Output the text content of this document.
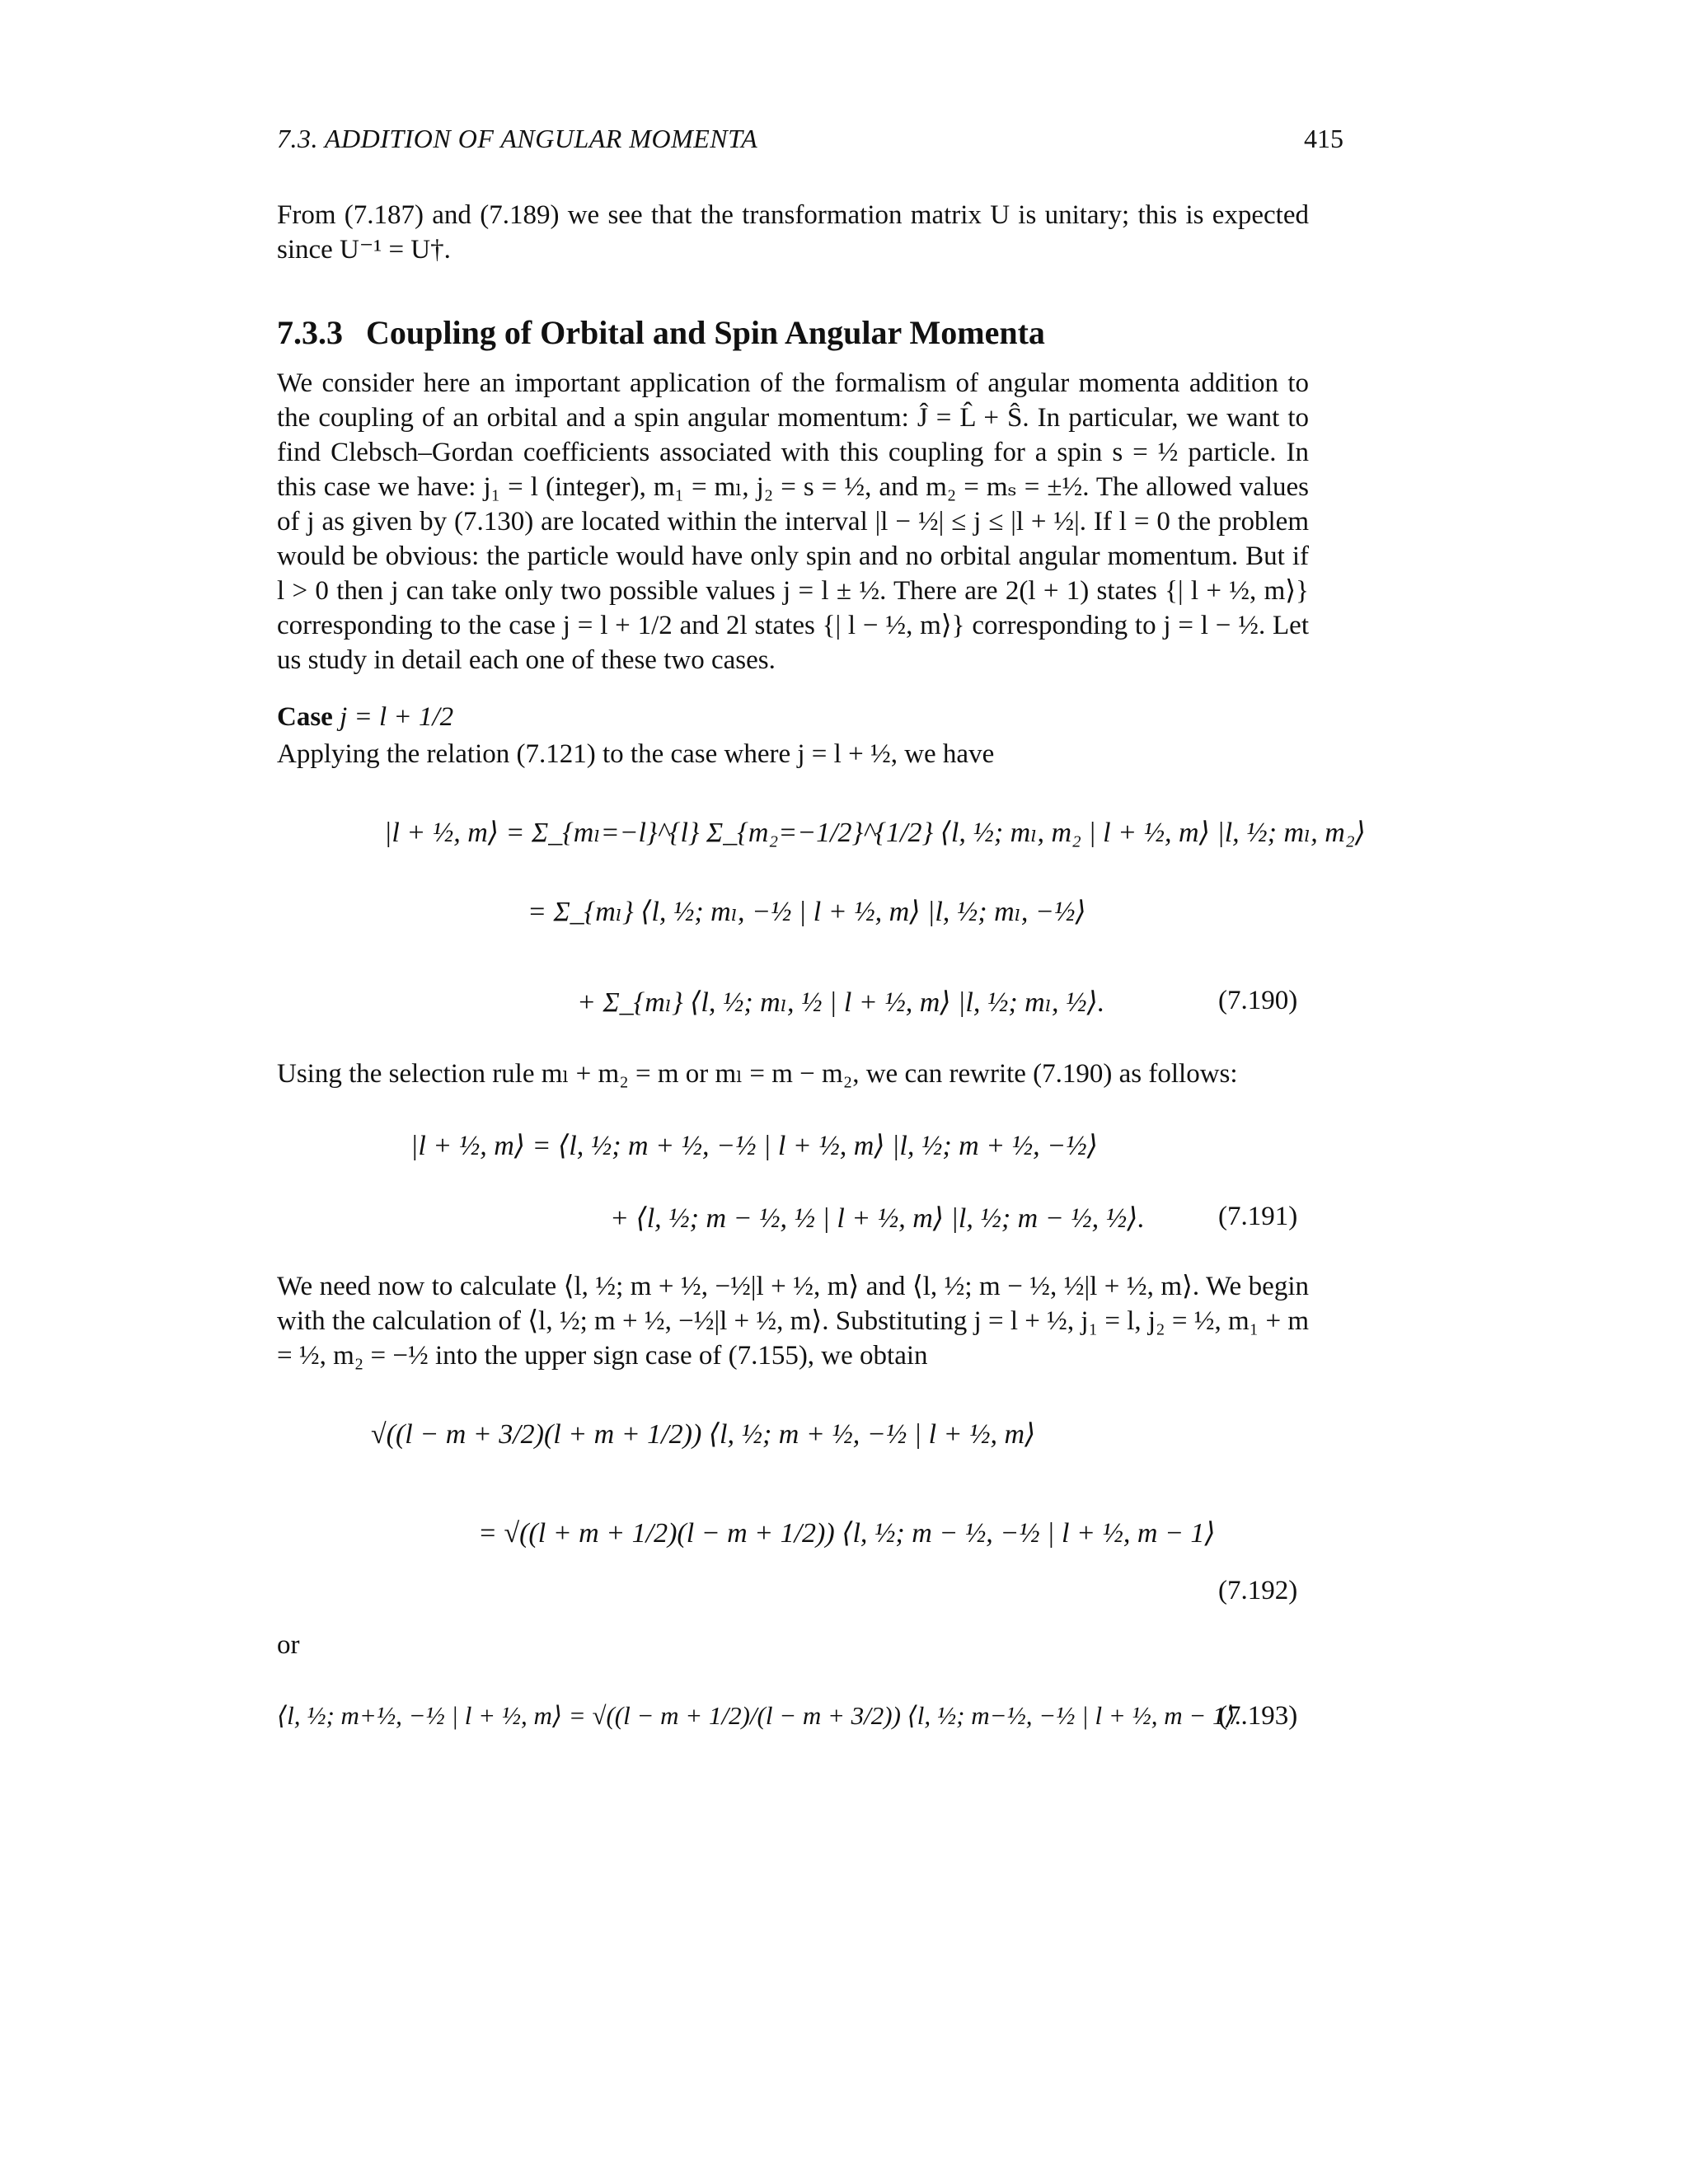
7.3. ADDITION OF ANGULAR MOMENTA	415
From (7.187) and (7.189) we see that the transformation matrix U is unitary; this is expected since U⁻¹ = U†.
7.3.3 Coupling of Orbital and Spin Angular Momenta
We consider here an important application of the formalism of angular momenta addition to the coupling of an orbital and a spin angular momentum: Ĵ = L̂ + Ŝ. In particular, we want to find Clebsch–Gordan coefficients associated with this coupling for a spin s = ½ particle. In this case we have: j₁ = l (integer), m₁ = mₗ, j₂ = s = ½, and m₂ = mₛ = ±½. The allowed values of j as given by (7.130) are located within the interval |l − ½| ≤ j ≤ |l + ½|. If l = 0 the problem would be obvious: the particle would have only spin and no orbital angular momentum. But if l > 0 then j can take only two possible values j = l ± ½. There are 2(l + 1) states {| l + ½, m⟩} corresponding to the case j = l + 1/2 and 2l states {| l − ½, m⟩} corresponding to j = l − ½. Let us study in detail each one of these two cases.
Case j = l + 1/2
Applying the relation (7.121) to the case where j = l + ½, we have
|l + ½, m⟩ = Σ_{mₗ=−l}^{l} Σ_{m₂=−1/2}^{1/2} ⟨l, ½; mₗ, m₂ | l + ½, m⟩ |l, ½; mₗ, m₂⟩
= Σ_{mₗ} ⟨l, ½; mₗ, −½ | l + ½, m⟩ |l, ½; mₗ, −½⟩
+ Σ_{mₗ} ⟨l, ½; mₗ, ½ | l + ½, m⟩ |l, ½; mₗ, ½⟩.	(7.190)
Using the selection rule mₗ + m₂ = m or mₗ = m − m₂, we can rewrite (7.190) as follows:
|l + ½, m⟩ = ⟨l, ½; m + ½, −½ | l + ½, m⟩ |l, ½; m + ½, −½⟩
+ ⟨l, ½; m − ½, ½ | l + ½, m⟩ |l, ½; m − ½, ½⟩.	(7.191)
We need now to calculate ⟨l, ½; m + ½, −½|l + ½, m⟩ and ⟨l, ½; m − ½, ½|l + ½, m⟩. We begin with the calculation of ⟨l, ½; m + ½, −½|l + ½, m⟩. Substituting j = l + ½, j₁ = l, j₂ = ½, m₁ + m = ½, m₂ = −½ into the upper sign case of (7.155), we obtain
√((l − m + 3/2)(l + m + 1/2)) ⟨l, ½; m + ½, −½ | l + ½, m⟩
= √((l + m + 1/2)(l − m + 1/2)) ⟨l, ½; m − ½, −½ | l + ½, m − 1⟩
(7.192)
or
⟨l, ½; m+½, −½ | l + ½, m⟩ = √((l − m + 1/2)/(l − m + 3/2)) ⟨l, ½; m−½, −½ | l + ½, m − 1⟩.
(7.193)
